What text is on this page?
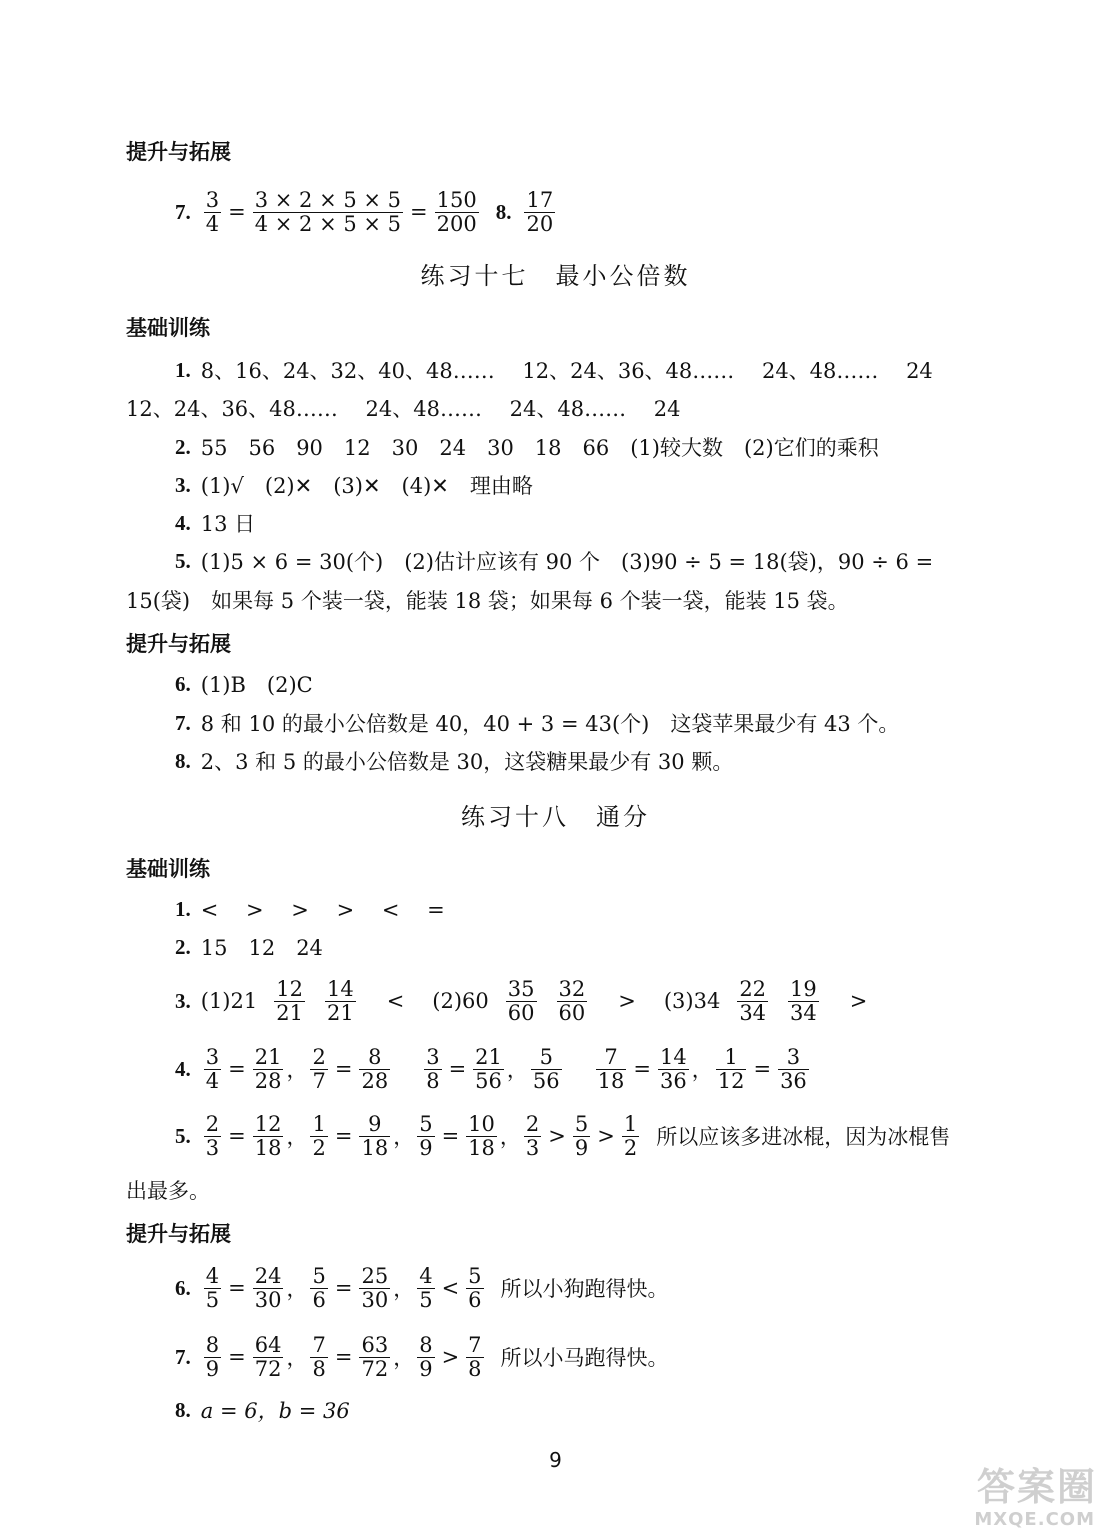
提升与拓展
7. $\frac{3}{4} = \frac{3 \times 2 \times 5 \times 5}{4 \times 2 \times 5 \times 5} = \frac{150}{200} 8$. $\frac{17}{20}$
练习十七　最小公倍数
基础训练
1. 8、16、24、32、40、48……　 12、24、36、48……　 24、48……　 24
12、24、36、48……　 24、48……　 24、48……　 24
2. 55　56　90　12　30　24　30　18　66　(1)较大数　(2)它们的乘积
3. (1)√　(2)✕　(3)✕　(4)✕　理由略
4. 13 日
5. (1)5 × 6 = 30(个)　(2)估计应该有 90 个　(3)90 ÷ 5 = 18(袋)，90 ÷ 6 =
15(袋)　如果每 5 个装一袋，能装 18 袋；如果每 6 个装一袋，能装 15 袋。
提升与拓展
6. (1)B　(2)C
7. 8 和 10 的最小公倍数是 40，40 + 3 = 43(个)　这袋苹果最少有 43 个。
8. 2、3 和 5 的最小公倍数是 30，这袋糖果最少有 30 颗。
练习十八　通分
基础训练
1. <　 >　 >　 >　 <　 =
2. 15　12　24
3. $(1)21 \frac{12}{21} \frac{14}{21} < (2)60 \frac{35}{60} \frac{32}{60} > (3)34 \frac{22}{34} \frac{19}{34}$ >
4. $\frac{3}{4} = \frac{21}{28}$ ， $\frac{2}{7} = \frac{8}{28} \frac{3}{8} = \frac{21}{56}$ ， $\frac{5}{56} \frac{7}{18} = \frac{14}{36}$ ， $\frac{1}{12} = \frac{3}{36}$
5. $\frac{2}{3} = \frac{12}{18}$ ， $\frac{1}{2} = \frac{9}{18}$ ， $\frac{5}{9} = \frac{10}{18}$ ， $\frac{2}{3} > \frac{5}{9} > \frac{1}{2}$ 所以应该多进冰棍，因为冰棍售
出最多。
提升与拓展
6. $\frac{4}{5} = \frac{24}{30}$ ， $\frac{5}{6} = \frac{25}{30}$ ， $\frac{4}{5} < \frac{5}{6}$ 所以小狗跑得快。
7. $\frac{8}{9} = \frac{64}{72}$ ， $\frac{7}{8} = \frac{63}{72}$ ， $\frac{8}{9} > \frac{7}{8}$ 所以小马跑得快。
8. a = 6，b = 36
9
答案圈
MXQE.COM
